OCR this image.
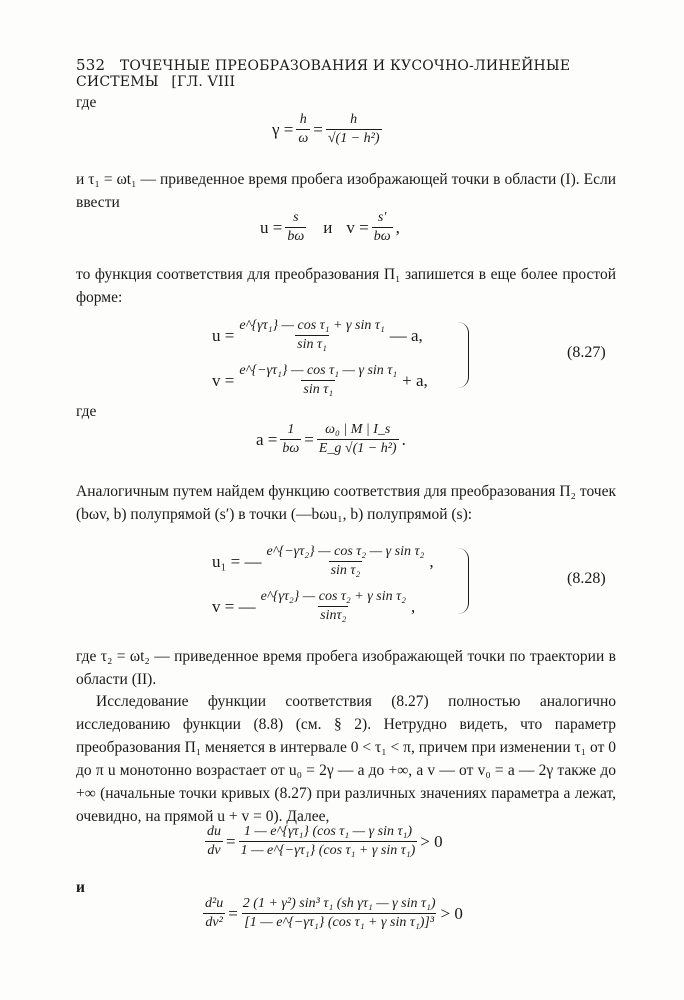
532 ТОЧЕЧНЫЕ ПРЕОБРАЗОВАНИЯ И КУСОЧНО-ЛИНЕЙНЫЕ СИСТЕМЫ [ГЛ. VIII
где
$\gamma = \frac{h}{\omega} = \frac{h}{\text{√(1 − h²)}}$
и τ₁ = ωt₁ — приведенное время пробега изображающей точки в области (I). Если ввести
$u = \frac{s}{b\omega}$ и $v = \frac{s'}{b\omega}$ ,
то функция соответствия для преобразования Π₁ запишется в еще более простой форме:
$u = \frac{\text{e\textasciicircum{}\{γτ₁\} — cos τ₁ + γ sin τ₁}}{\text{sin τ₁}}$ — a,
$v = \frac{\text{e\textasciicircum{}\{−γτ₁\} — cos τ₁ — γ sin τ₁}}{\text{sin τ₁}} + a$,
(8.27)
где
$a = \frac{1}{b\omega} = \frac{\text{ω₀ | M | I\_s}}{\text{E\_g √(1 − h²)}}$ .
Аналогичным путем найдем функцию соответствия для преобразования Π₂ точек (bωv, b) полупрямой (s′) в точки (—bωu₁, b) полупрямой (s):
u₁ = — $\frac{\text{e\textasciicircum{}\{−γτ₂\} — cos τ₂ — γ sin τ₂}}{\text{sin τ₂}}$ ,
v = — $\frac{\text{e\textasciicircum{}\{γτ₂\} — cos τ₂ + γ sin τ₂}}{\text{sinτ₂}}$ ,
(8.28)
где τ₂ = ωt₂ — приведенное время пробега изображающей точки по траектории в области (II).
Исследование функции соответствия (8.27) полностью аналогично исследованию функции (8.8) (см. § 2). Нетрудно видеть, что параметр преобразования Π₁ меняется в интервале 0 < τ₁ < π, причем при изменении τ₁ от 0 до π u монотонно возрастает от u₀ = 2γ — a до +∞, а v — от v₀ = a — 2γ также до +∞ (начальные точки кривых (8.27) при различных значениях параметра a лежат, очевидно, на прямой u + v = 0). Далее,
$\frac{du}{dv} = \frac{\text{1 — e\textasciicircum{}\{γτ₁\} (cos τ₁ — γ sin τ₁)}}{\text{1 — e\textasciicircum{}\{−γτ₁\} (cos τ₁ + γ sin τ₁)}} > 0$
и
$\frac{\text{d²u}}{\text{dv²}} = \frac{\text{2 (1 + γ²) sin³ τ₁ (sh γτ₁ — γ sin τ₁)}}{\text{[1 — e\textasciicircum{}\{−γτ₁\} (cos τ₁ + γ sin τ₁)]³}} > 0$
